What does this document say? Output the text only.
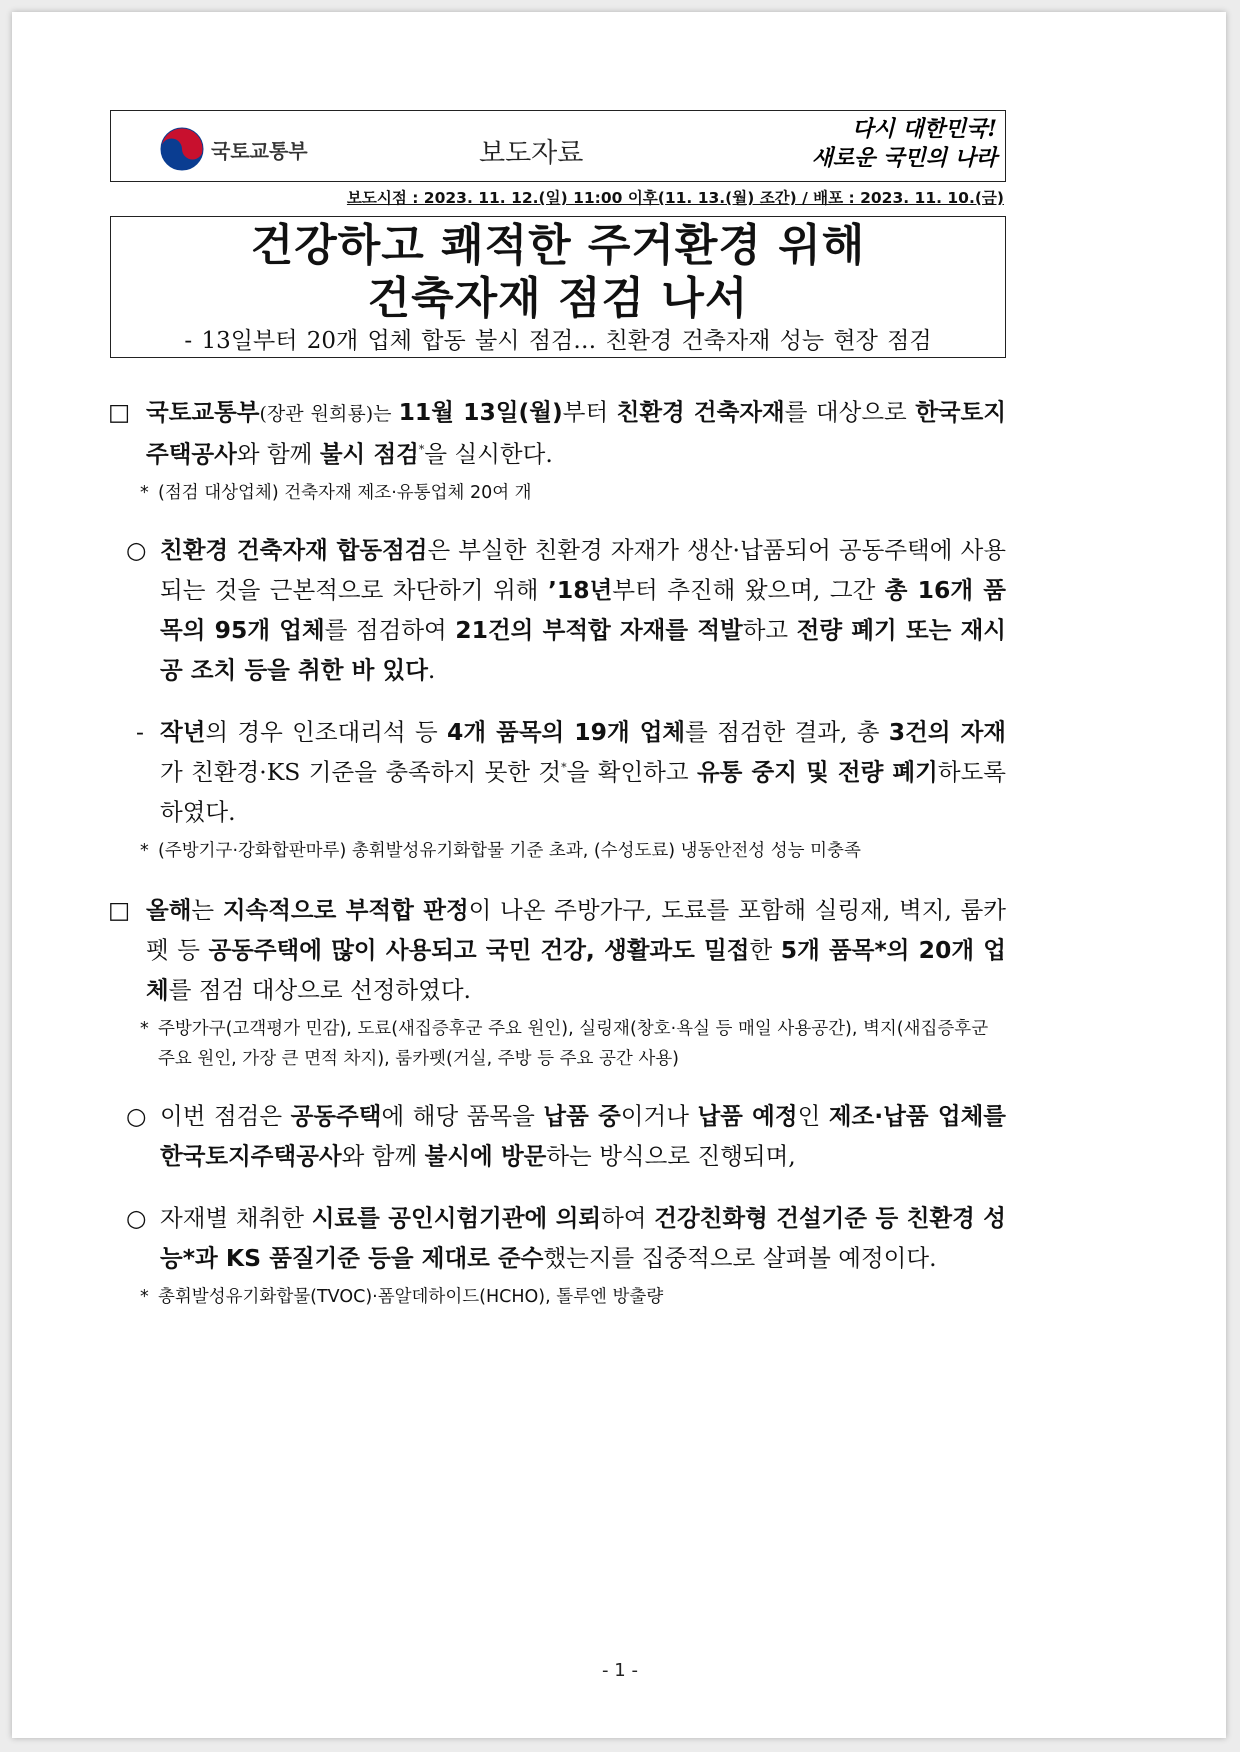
국토교통부	보도자료
다시 대한민국!
새로운 국민의 나라
보도시점 : 2023. 11. 12.(일) 11:00 이후(11. 13.(월) 조간) / 배포 : 2023. 11. 10.(금)
건강하고 쾌적한 주거환경 위해
건축자재 점검 나서
- 13일부터 20개 업체 합동 불시 점검… 친환경 건축자재 성능 현장 점검
□ 국토교통부(장관 원희룡)는 11월 13일(월)부터 친환경 건축자재를 대상으로 한국토지주택공사와 함께 불시 점검*을 실시한다.
* (점검 대상업체) 건축자재 제조·유통업체 20여 개
○ 친환경 건축자재 합동점검은 부실한 친환경 자재가 생산·납품되어 공동주택에 사용되는 것을 근본적으로 차단하기 위해 ’18년부터 추진해 왔으며, 그간 총 16개 품목의 95개 업체를 점검하여 21건의 부적합 자재를 적발하고 전량 폐기 또는 재시공 조치 등을 취한 바 있다.
- 작년의 경우 인조대리석 등 4개 품목의 19개 업체를 점검한 결과, 총 3건의 자재가 친환경·KS 기준을 충족하지 못한 것*을 확인하고 유통 중지 및 전량 폐기하도록 하였다.
* (주방기구·강화합판마루) 총휘발성유기화합물 기준 초과, (수성도료) 냉동안전성 성능 미충족
□ 올해는 지속적으로 부적합 판정이 나온 주방가구, 도료를 포함해 실링재, 벽지, 룸카펫 등 공동주택에 많이 사용되고 국민 건강, 생활과도 밀접한 5개 품목*의 20개 업체를 점검 대상으로 선정하였다.
* 주방가구(고객평가 민감), 도료(새집증후군 주요 원인), 실링재(창호·욕실 등 매일 사용공간), 벽지(새집증후군 주요 원인, 가장 큰 면적 차지), 룸카펫(거실, 주방 등 주요 공간 사용)
○ 이번 점검은 공동주택에 해당 품목을 납품 중이거나 납품 예정인 제조·납품 업체를 한국토지주택공사와 함께 불시에 방문하는 방식으로 진행되며,
○ 자재별 채취한 시료를 공인시험기관에 의뢰하여 건강친화형 건설기준 등 친환경 성능*과 KS 품질기준 등을 제대로 준수했는지를 집중적으로 살펴볼 예정이다.
* 총휘발성유기화합물(TVOC)·폼알데하이드(HCHO), 톨루엔 방출량
- 1 -
